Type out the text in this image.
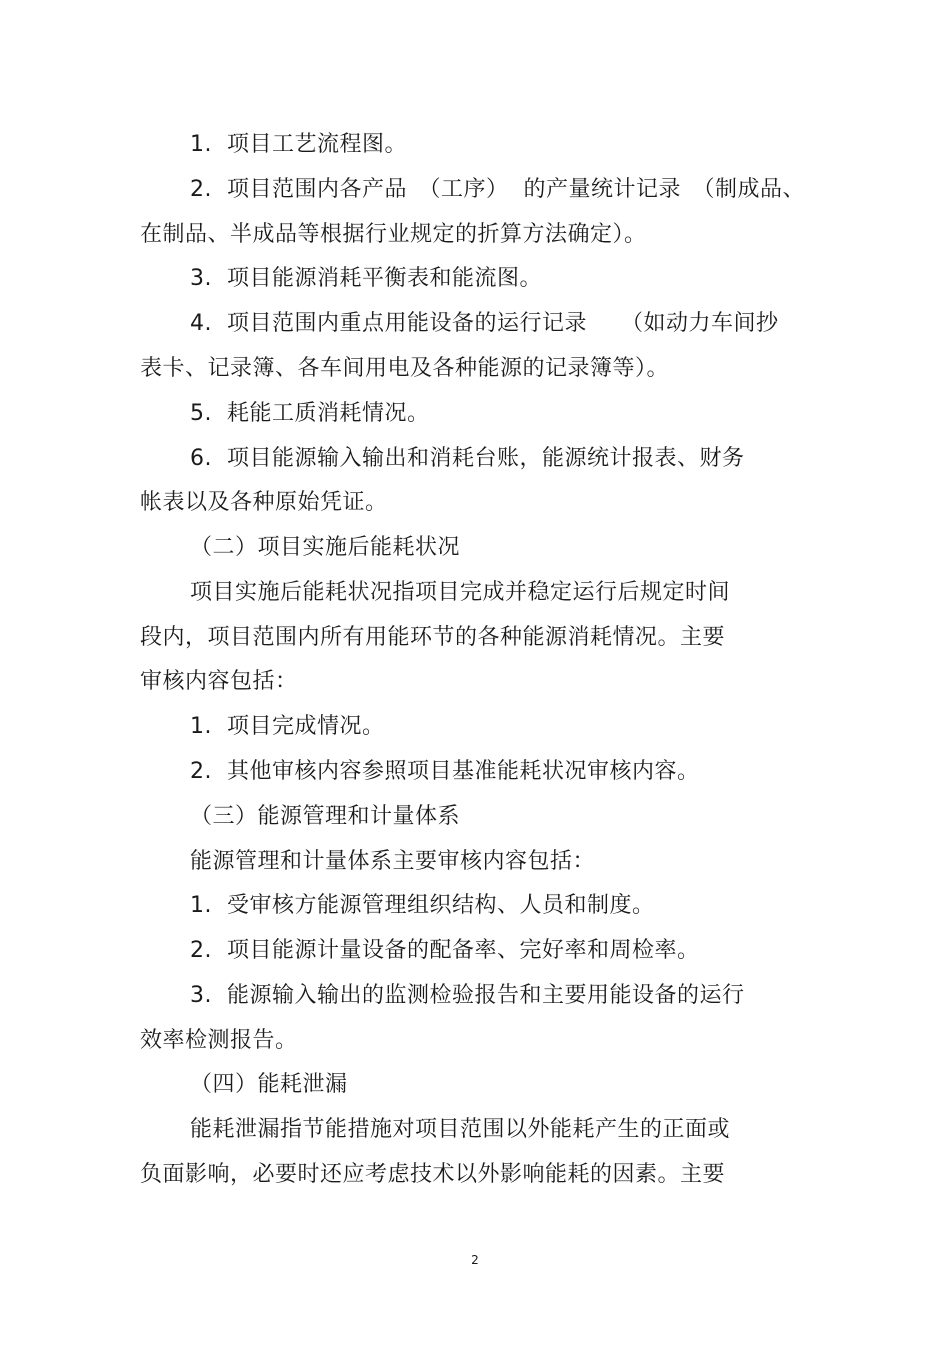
1.  项目工艺流程图。
2.  项目范围内各产品　（工序）  的产量统计记录　（制成品、
在制品、半成品等根据行业规定的折算方法确定）。
3.  项目能源消耗平衡表和能流图。
4.  项目范围内重点用能设备的运行记录　　（如动力车间抄
表卡、记录簿、各车间用电及各种能源的记录簿等）。
5.  耗能工质消耗情况。
6.  项目能源输入输出和消耗台账，能源统计报表、财务
帐表以及各种原始凭证。
（二）项目实施后能耗状况
项目实施后能耗状况指项目完成并稳定运行后规定时间
段内，项目范围内所有用能环节的各种能源消耗情况。主要
审核内容包括：
1.  项目完成情况。
2.  其他审核内容参照项目基准能耗状况审核内容。
（三）能源管理和计量体系
能源管理和计量体系主要审核内容包括：
1.  受审核方能源管理组织结构、人员和制度。
2.  项目能源计量设备的配备率、完好率和周检率。
3.  能源输入输出的监测检验报告和主要用能设备的运行
效率检测报告。
（四）能耗泄漏
能耗泄漏指节能措施对项目范围以外能耗产生的正面或
负面影响，必要时还应考虑技术以外影响能耗的因素。主要
2
